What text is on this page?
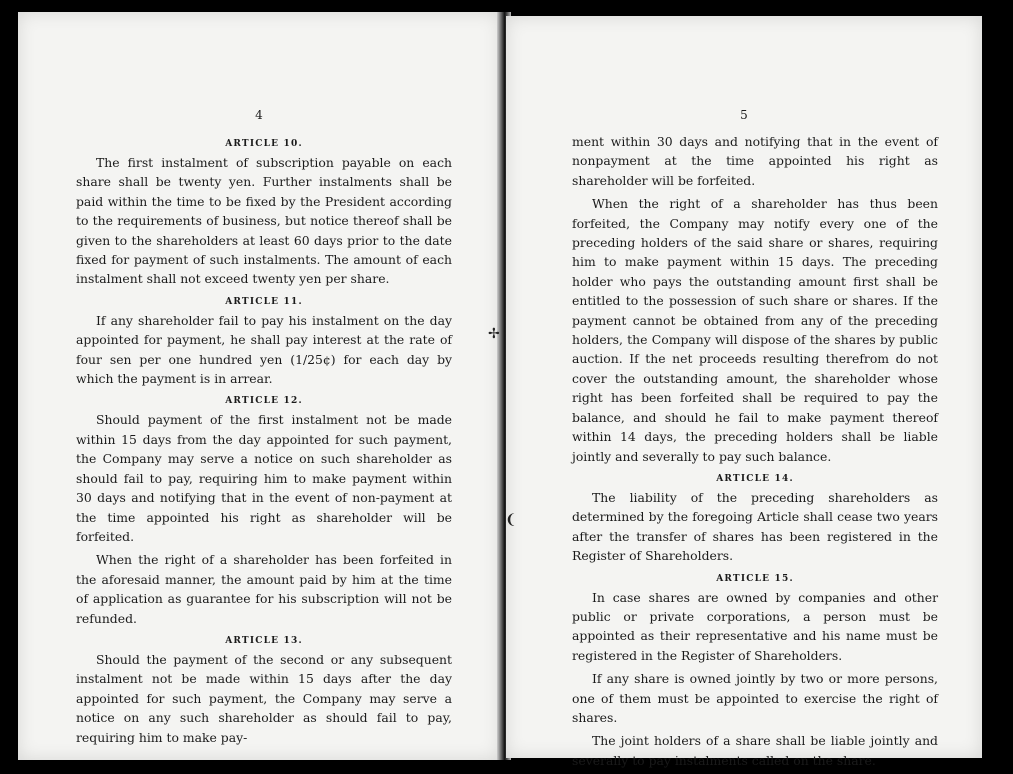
4
ARTICLE 10.

The first instalment of subscription payable on each share shall be twenty yen. Further instalments shall be paid within the time to be fixed by the President according to the requirements of business, but notice thereof shall be given to the shareholders at least 60 days prior to the date fixed for payment of such instalments. The amount of each instalment shall not exceed twenty yen per share.

ARTICLE 11.

If any shareholder fail to pay his instalment on the day appointed for payment, he shall pay interest at the rate of four sen per one hundred yen (1/25¢) for each day by which the payment is in arrear.

ARTICLE 12.

Should payment of the first instalment not be made within 15 days from the day appointed for such payment, the Company may serve a notice on such shareholder as should fail to pay, requiring him to make payment within 30 days and notifying that in the event of non-payment at the time appointed his right as shareholder will be forfeited.

When the right of a shareholder has been forfeited in the aforesaid manner, the amount paid by him at the time of application as guarantee for his subscription will not be refunded.

ARTICLE 13.

Should the payment of the second or any subsequent instalment not be made within 15 days after the day appointed for such payment, the Company may serve a notice on any such shareholder as should fail to pay, requiring him to make pay-

5

ment within 30 days and notifying that in the event of nonpayment at the time appointed his right as shareholder will be forfeited.

When the right of a shareholder has thus been forfeited, the Company may notify every one of the preceding holders of the said share or shares, requiring him to make payment within 15 days. The preceding holder who pays the outstanding amount first shall be entitled to the possession of such share or shares. If the payment cannot be obtained from any of the preceding holders, the Company will dispose of the shares by public auction. If the net proceeds resulting therefrom do not cover the outstanding amount, the shareholder whose right has been forfeited shall be required to pay the balance, and should he fail to make payment thereof within 14 days, the preceding holders shall be liable jointly and severally to pay such balance.

ARTICLE 14.

The liability of the preceding shareholders as determined by the foregoing Article shall cease two years after the transfer of shares has been registered in the Register of Shareholders.

ARTICLE 15.

In case shares are owned by companies and other public or private corporations, a person must be appointed as their representative and his name must be registered in the Register of Shareholders.

If any share is owned jointly by two or more persons, one of them must be appointed to exercise the right of shares.

The joint holders of a share shall be liable jointly and severally to pay instalments called on the share.

✢
❨
